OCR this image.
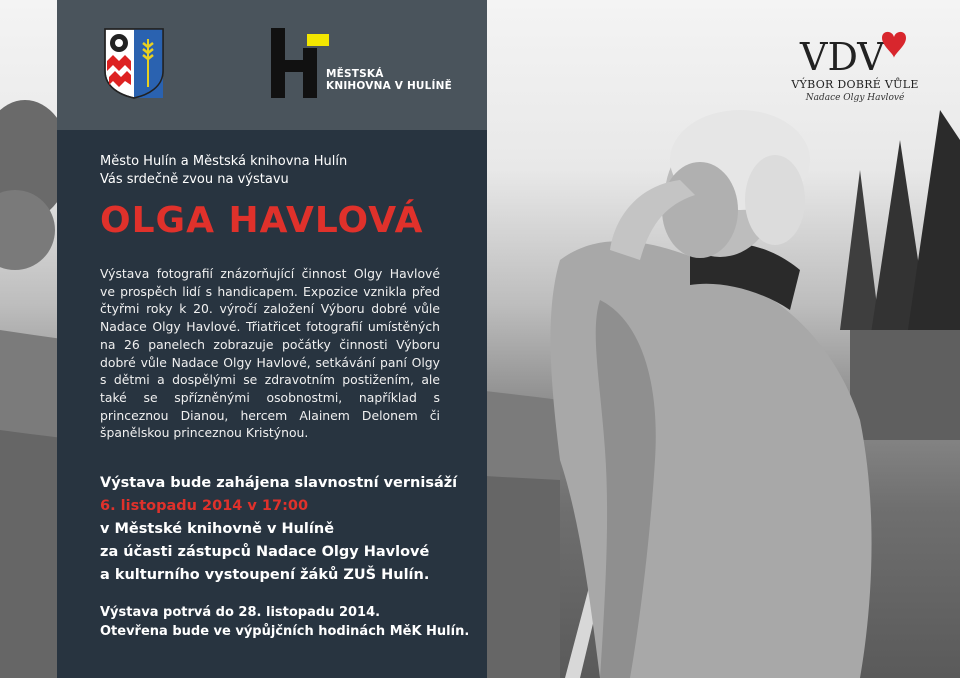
MĚSTSKÁ
KNIHOVNA V HULÍNĚ
VDV
VÝBOR DOBRÉ VŮLE
Nadace Olgy Havlové
Město Hulín a Městská knihovna Hulín
Vás srdečně zvou na výstavu
OLGA HAVLOVÁ
Výstava fotografií znázorňující činnost Olgy Havlové ve prospěch lidí s handicapem. Expozice vznikla před čtyřmi roky k 20. výročí založení Výboru dobré vůle Nadace Olgy Havlové. Třiatřicet fotografií umístěných na 26 panelech zobrazuje počátky činnosti Výboru dobré vůle Nadace Olgy Havlové, setkávání paní Olgy s dětmi a dospělými se zdravotním postižením, ale také se spřízněnými osobnostmi, například s princeznou Dianou, hercem Alainem Delonem či španělskou princeznou Kristýnou.
Výstava bude zahájena slavnostní vernisáží
6. listopadu 2014 v 17:00
v Městské knihovně v Hulíně
za účasti zástupců Nadace Olgy Havlové
a kulturního vystoupení žáků ZUŠ Hulín.
Výstava potrvá do 28. listopadu 2014.
Otevřena bude ve výpůjčních hodinách MěK Hulín.
